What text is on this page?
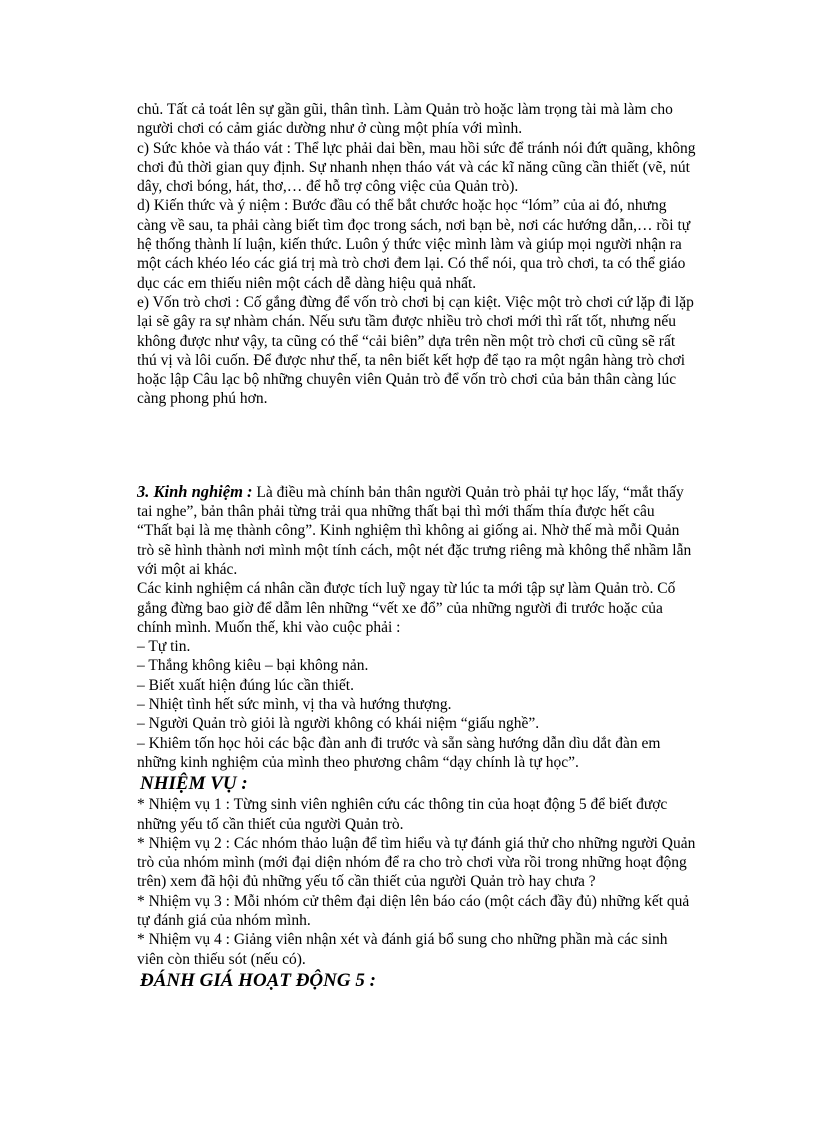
chủ. Tất cả toát lên sự gần gũi, thân tình. Làm Quản trò hoặc làm trọng tài mà làm cho người chơi có cảm giác dường như ở cùng một phía với mình.

c) Sức khỏe và tháo vát : Thể lực phải dai bền, mau hồi sức để tránh nói đứt quãng, không chơi đủ thời gian quy định. Sự nhanh nhẹn tháo vát và các kĩ năng cũng cần thiết (vẽ, nút dây, chơi bóng, hát, thơ,… để hỗ trợ công việc của Quản trò).

d) Kiến thức và ý niệm : Bước đầu có thể bắt chước hoặc học “lóm” của ai đó, nhưng càng về sau, ta phải càng biết tìm đọc trong sách, nơi bạn bè, nơi các hướng dẫn,… rồi tự hệ thống thành lí luận, kiến thức. Luôn ý thức việc mình làm và giúp mọi người nhận ra một cách khéo léo các giá trị mà trò chơi đem lại. Có thể nói, qua trò chơi, ta có thể giáo dục các em thiếu niên một cách dễ dàng hiệu quả nhất.

e) Vốn trò chơi : Cố gắng đừng để vốn trò chơi bị cạn kiệt. Việc một trò chơi cứ lặp đi lặp lại sẽ gây ra sự nhàm chán. Nếu sưu tầm được nhiều trò chơi mới thì rất tốt, nhưng nếu không được như vậy, ta cũng có thể “cải biên” dựa trên nền một trò chơi cũ cũng sẽ rất thú vị và lôi cuốn. Để được như thế, ta nên biết kết hợp để tạo ra một ngân hàng trò chơi hoặc lập Câu lạc bộ những chuyên viên Quản trò để vốn trò chơi của bản thân càng lúc càng phong phú hơn.

3. Kinh nghiệm : Là điều mà chính bản thân người Quản trò phải tự học lấy, “mắt thấy tai nghe”, bản thân phải từng trải qua những thất bại thì mới thấm thía được hết câu

“Thất bại là mẹ thành công”. Kinh nghiệm thì không ai giống ai. Nhờ thế mà mỗi Quản trò sẽ hình thành nơi mình một tính cách, một nét đặc trưng riêng mà không thể nhầm lẫn với một ai khác.

Các kinh nghiệm cá nhân cần được tích luỹ ngay từ lúc ta mới tập sự làm Quản trò. Cố gắng đừng bao giờ để dẫm lên những “vết xe đổ” của những người đi trước hoặc của chính mình. Muốn thế, khi vào cuộc phải :

– Tự tin.

– Thắng không kiêu – bại không nản.

– Biết xuất hiện đúng lúc cần thiết.

– Nhiệt tình hết sức mình, vị tha và hướng thượng.

– Người Quản trò giỏi là người không có khái niệm “giấu nghề”.

– Khiêm tốn học hỏi các bậc đàn anh đi trước và sẵn sàng hướng dẫn dìu dắt đàn em những kinh nghiệm của mình theo phương châm “dạy chính là tự học”.

NHIỆM VỤ :

* Nhiệm vụ 1 : Từng sinh viên nghiên cứu các thông tin của hoạt động 5 để biết được những yếu tố cần thiết của người Quản trò.

* Nhiệm vụ 2 : Các nhóm thảo luận để tìm hiểu và tự đánh giá thử cho những người Quản trò của nhóm mình (mới đại diện nhóm để ra cho trò chơi vừa rồi trong những hoạt động trên) xem đã hội đủ những yếu tố cần thiết của người Quản trò hay chưa ?

* Nhiệm vụ 3 : Mỗi nhóm cử thêm đại diện lên báo cáo (một cách đầy đủ) những kết quả tự đánh giá của nhóm mình.

* Nhiệm vụ 4 : Giảng viên nhận xét và đánh giá bổ sung cho những phần mà các sinh viên còn thiếu sót (nếu có).

ĐÁNH GIÁ HOẠT ĐỘNG 5 :
